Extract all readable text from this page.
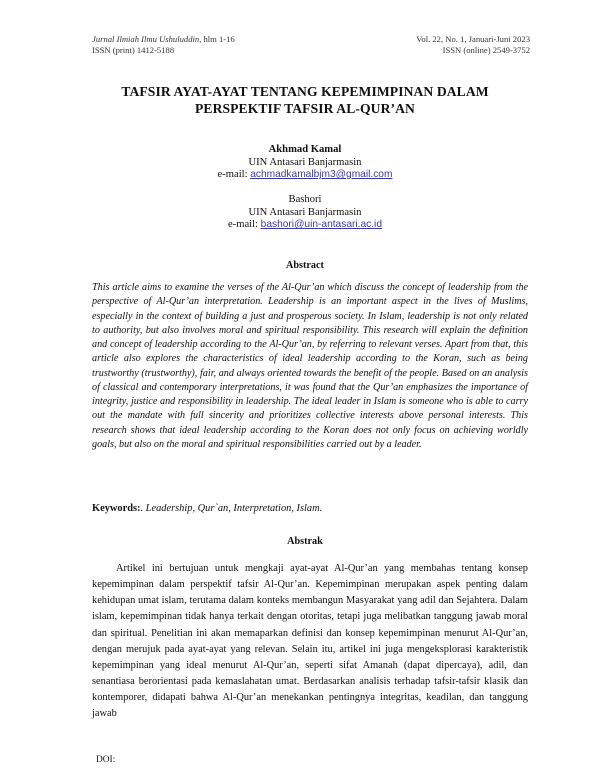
Jurnal Ilmiah Ilmu Ushuluddin, hlm 1-16
ISSN (print) 1412-5188
Vol. 22, No. 1, Januari-Juni 2023
ISSN (online) 2549-3752
TAFSIR AYAT-AYAT TENTANG KEPEMIMPINAN DALAM
PERSPEKTIF TAFSIR AL-QUR’AN
Akhmad Kamal
UIN Antasari Banjarmasin
e-mail: achmadkamalbjm3@gmail.com
Bashori
UIN Antasari Banjarmasin
e-mail: bashori@uin-antasari.ac.id
Abstract

This article aims to examine the verses of the Al-Qur’an which discuss the concept of leadership from the perspective of Al-Qur’an interpretation. Leadership is an important aspect in the lives of Muslims, especially in the context of building a just and prosperous society. In Islam, leadership is not only related to authority, but also involves moral and spiritual responsibility. This research will explain the definition and concept of leadership according to the Al-Qur’an, by referring to relevant verses. Apart from that, this article also explores the characteristics of ideal leadership according to the Koran, such as being trustworthy (trustworthy), fair, and always oriented towards the benefit of the people. Based on an analysis of classical and contemporary interpretations, it was found that the Qur’an emphasizes the importance of integrity, justice and responsibility in leadership. The ideal leader in Islam is someone who is able to carry out the mandate with full sincerity and prioritizes collective interests above personal interests. This research shows that ideal leadership according to the Koran does not only focus on achieving worldly goals, but also on the moral and spiritual responsibilities carried out by a leader.

Keywords:. Leadership, Qur`an, Interpretation, Islam.
Abstrak

Artikel ini bertujuan untuk mengkaji ayat-ayat Al-Qur’an yang membahas tentang konsep kepemimpinan dalam perspektif tafsir Al-Qur’an. Kepemimpinan merupakan aspek penting dalam kehidupan umat islam, terutama dalam konteks membangun Masyarakat yang adil dan Sejahtera. Dalam islam, kepemimpinan tidak hanya terkait dengan otoritas, tetapi juga melibatkan tanggung jawab moral dan spiritual. Penelitian ini akan memaparkan definisi dan konsep kepemimpinan menurut Al-Qur’an, dengan merujuk pada ayat-ayat yang relevan. Selain itu, artikel ini juga mengeksplorasi karakteristik kepemimpinan yang ideal menurut Al-Qur’an, seperti sifat Amanah (dapat dipercaya), adil, dan senantiasa berorientasi pada kemaslahatan umat. Berdasarkan analisis terhadap tafsir-tafsir klasik dan kontemporer, didapati bahwa Al-Qur’an menekankan pentingnya integritas, keadilan, dan tanggung jawab

DOI:
